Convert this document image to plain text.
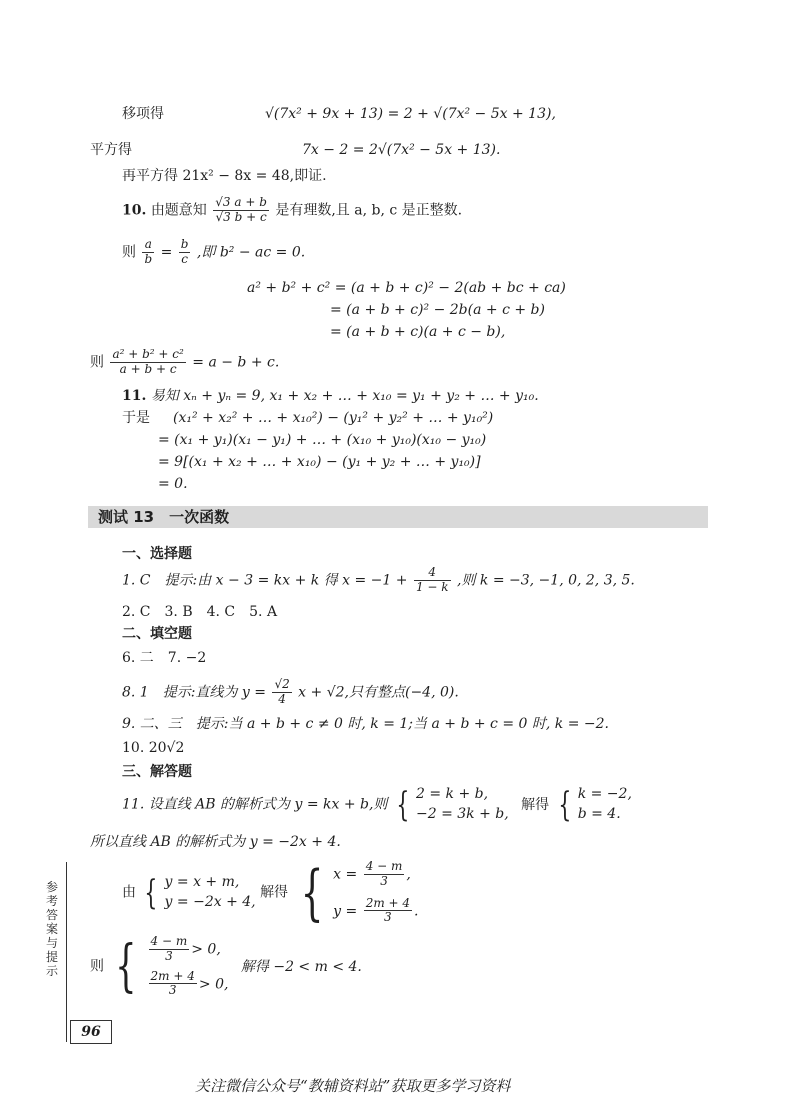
移项得	√(7x² + 9x + 13) = 2 + √(7x² − 5x + 13),
平方得	7x − 2 = 2√(7x² − 5x + 13).
再平方得 21x² − 8x = 48,即证.
10. 由题意知 $\frac{√3 a + b}{√3 b + c}$ 是有理数,且 a, b, c 是正整数.
则 $\frac{a}{b} = \frac{b}{c}$ ,即 b² − ac = 0.
a² + b² + c² = (a + b + c)² − 2(ab + bc + ca)
= (a + b + c)² − 2b(a + c + b)
= (a + b + c)(a + c − b),
则 $\frac{\text{a² + b² + c²}}{a + b + c} = a - b + c$.
11. 易知 xₙ + yₙ = 9, x₁ + x₂ + … + x₁₀ = y₁ + y₂ + … + y₁₀.
于是 (x₁² + x₂² + … + x₁₀²) − (y₁² + y₂² + … + y₁₀²)
= (x₁ + y₁)(x₁ − y₁) + … + (x₁₀ + y₁₀)(x₁₀ − y₁₀)
= 9[(x₁ + x₂ + … + x₁₀) − (y₁ + y₂ + … + y₁₀)]
= 0.
测试 13　一次函数
一、选择题
1. C　提示:由 x − 3 = kx + k 得 $x = -1 + \frac{4}{1 - k}$ ,则 k = −3, −1, 0, 2, 3, 5.
2. C　3. B　4. C　5. A
二、填空题
6. 二　7. −2
8. 1　提示:直线为 $y = \frac{√2}{4}$ x + √2,只有整点(−4, 0).
9. 二、三　提示:当 a + b + c ≠ 0 时, k = 1;当 a + b + c = 0 时, k = −2.
10. 20√2
三、解答题
11. 设直线 AB 的解析式为 y = kx + b,则 { 2 = k + b,
−2 = 3k + b,
解得 { k = −2,
b = 4.
所以直线 AB 的解析式为 y = −2x + 4.
由 { y = x + m,
y = −2x + 4,
解得 { $x = \frac{4 - m}{3}$ ,
$y = \frac{2m + 4}{3}$ .
则 { $\frac{4 - m}{3} > 0$,
$\frac{2m + 4}{3} > 0$,
解得 −2 < m < 4.
参考答案与提示
96
关注微信公众号“教辅资料站”获取更多学习资料
